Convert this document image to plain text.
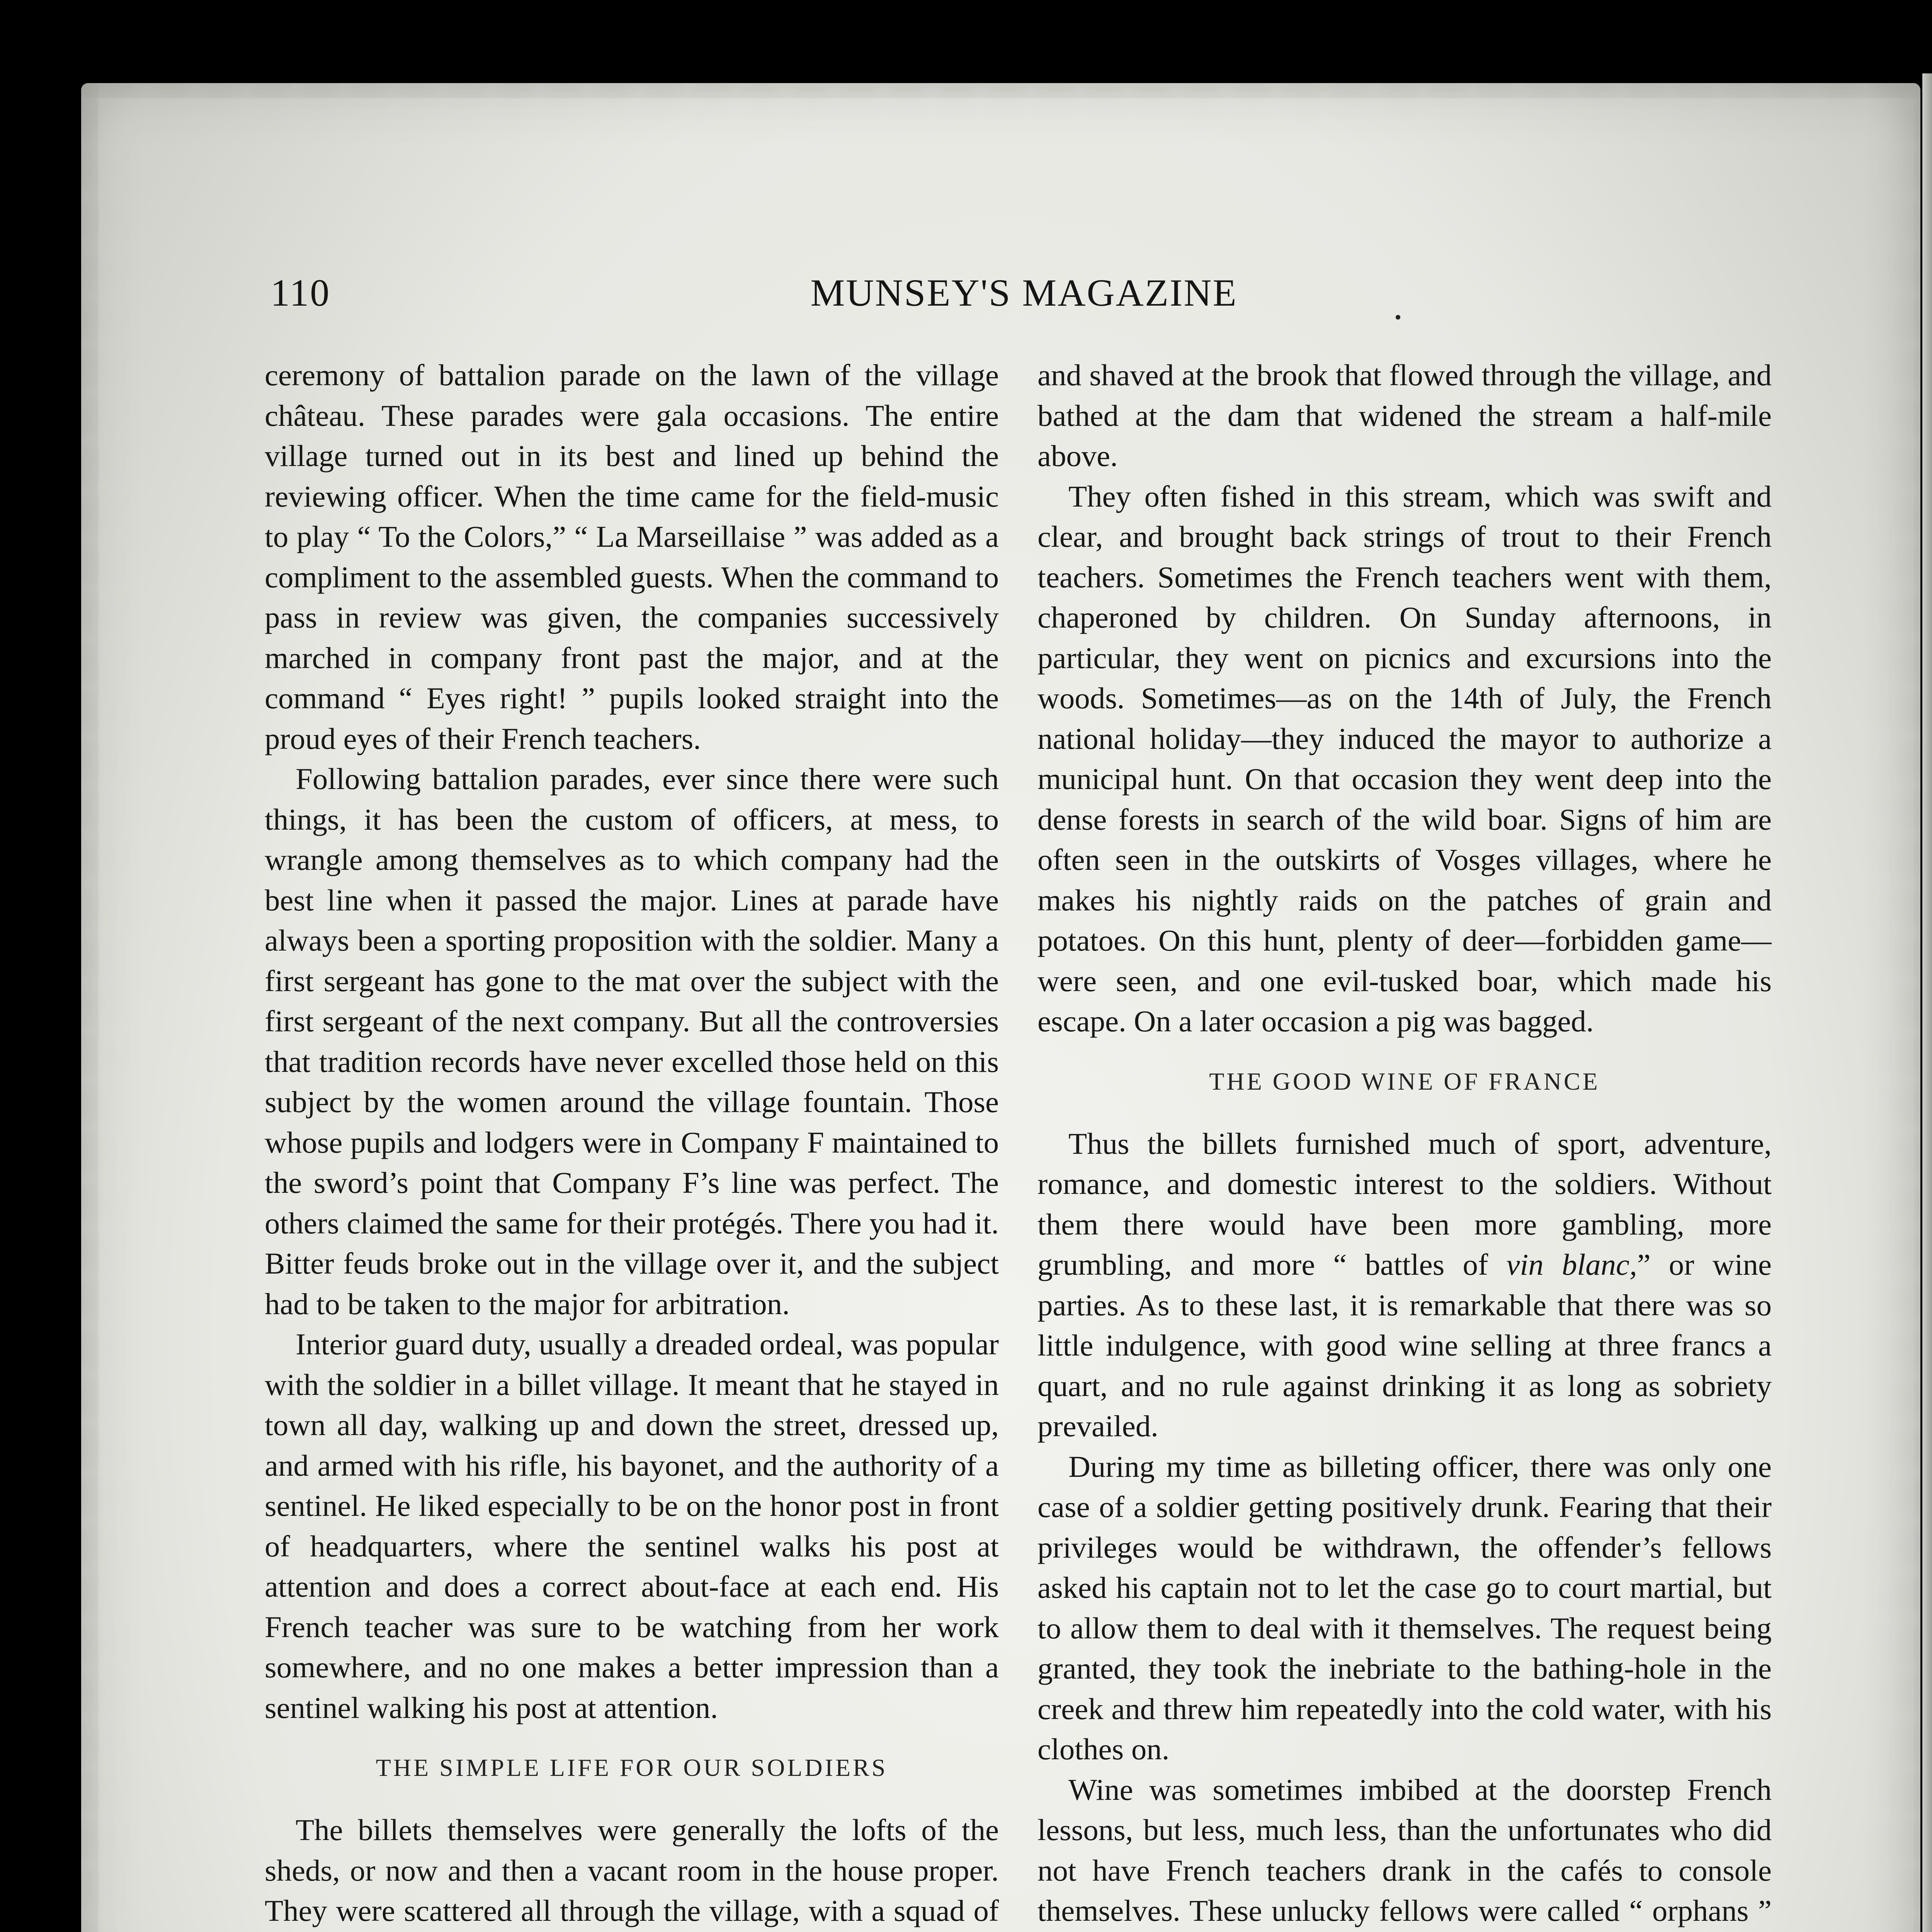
110	MUNSEY'S MAGAZINE

ceremony of battalion parade on the lawn of the village château. These parades were gala occasions. The entire village turned out in its best and lined up behind the reviewing officer. When the time came for the field-music to play “ To the Colors,” “ La Marseillaise ” was added as a compliment to the assembled guests. When the command to pass in review was given, the companies successively marched in company front past the major, and at the command “ Eyes right! ” pupils looked straight into the proud eyes of their French teachers.

Following battalion parades, ever since there were such things, it has been the custom of officers, at mess, to wrangle among themselves as to which company had the best line when it passed the major. Lines at parade have always been a sporting proposition with the soldier. Many a first sergeant has gone to the mat over the subject with the first sergeant of the next company. But all the controversies that tradition records have never excelled those held on this subject by the women around the village fountain. Those whose pupils and lodgers were in Company F maintained to the sword’s point that Company F’s line was perfect. The others claimed the same for their protégés. There you had it. Bitter feuds broke out in the village over it, and the subject had to be taken to the major for arbitration.

Interior guard duty, usually a dreaded ordeal, was popular with the soldier in a billet village. It meant that he stayed in town all day, walking up and down the street, dressed up, and armed with his rifle, his bayonet, and the authority of a sentinel. He liked especially to be on the honor post in front of headquarters, where the sentinel walks his post at attention and does a correct about-face at each end. His French teacher was sure to be watching from her work somewhere, and no one makes a better impression than a sentinel walking his post at attention.

THE SIMPLE LIFE FOR OUR SOLDIERS

The billets themselves were generally the lofts of the sheds, or now and then a vacant room in the house proper. They were scattered all through the village, with a squad of

and shaved at the brook that flowed through the village, and bathed at the dam that widened the stream a half-mile above.

They often fished in this stream, which was swift and clear, and brought back strings of trout to their French teachers. Sometimes the French teachers went with them, chaperoned by children. On Sunday afternoons, in particular, they went on picnics and excursions into the woods. Sometimes—as on the 14th of July, the French national holiday—they induced the mayor to authorize a municipal hunt. On that occasion they went deep into the dense forests in search of the wild boar. Signs of him are often seen in the outskirts of Vosges villages, where he makes his nightly raids on the patches of grain and potatoes. On this hunt, plenty of deer—forbidden game—were seen, and one evil-tusked boar, which made his escape. On a later occasion a pig was bagged.

THE GOOD WINE OF FRANCE

Thus the billets furnished much of sport, adventure, romance, and domestic interest to the soldiers. Without them there would have been more gambling, more grumbling, and more “ battles of vin blanc,” or wine parties. As to these last, it is remarkable that there was so little indulgence, with good wine selling at three francs a quart, and no rule against drinking it as long as sobriety prevailed.

During my time as billeting officer, there was only one case of a soldier getting positively drunk. Fearing that their privileges would be withdrawn, the offender’s fellows asked his captain not to let the case go to court martial, but to allow them to deal with it themselves. The request being granted, they took the inebriate to the bathing-hole in the creek and threw him repeatedly into the cold water, with his clothes on.

Wine was sometimes imbibed at the doorstep French lessons, but less, much less, than the unfortunates who did not have French teachers drank in the cafés to console themselves. These unlucky fellows were called “ orphans ”
